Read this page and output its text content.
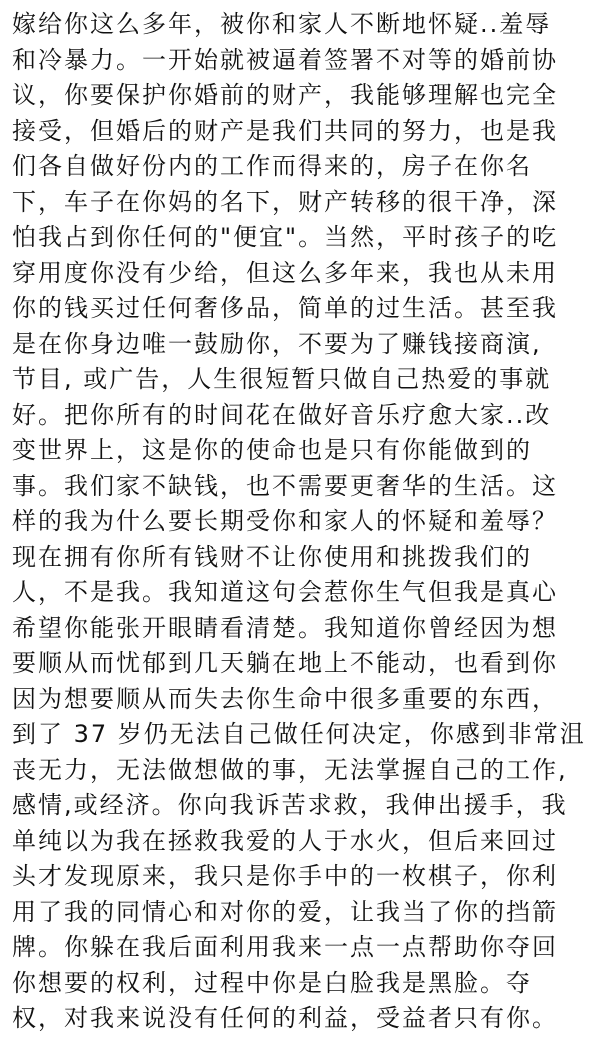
嫁给你这么多年，被你和家人不断地怀疑..羞辱
和冷暴力。一开始就被逼着签署不对等的婚前协
议，你要保护你婚前的财产，我能够理解也完全
接受，但婚后的财产是我们共同的努力，也是我
们各自做好份内的工作而得来的，房子在你名
下，车子在你妈的名下，财产转移的很干净，深
怕我占到你任何的"便宜"。当然，平时孩子的吃
穿用度你没有少给，但这么多年来，我也从未用
你的钱买过任何奢侈品，简单的过生活。甚至我
是在你身边唯一鼓励你，不要为了赚钱接商演,
节目, 或广告，人生很短暂只做自己热爱的事就
好。把你所有的时间花在做好音乐疗愈大家..改
变世界上，这是你的使命也是只有你能做到的
事。我们家不缺钱，也不需要更奢华的生活。这
样的我为什么要长期受你和家人的怀疑和羞辱？
现在拥有你所有钱财不让你使用和挑拨我们的
人，不是我。我知道这句会惹你生气但我是真心
希望你能张开眼睛看清楚。我知道你曾经因为想
要顺从而忧郁到几天躺在地上不能动，也看到你
因为想要顺从而失去你生命中很多重要的东西，
到了 37 岁仍无法自己做任何决定，你感到非常沮
丧无力，无法做想做的事，无法掌握自己的工作,
感情,或经济。你向我诉苦求救，我伸出援手，我
单纯以为我在拯救我爱的人于水火，但后来回过
头才发现原来，我只是你手中的一枚棋子，你利
用了我的同情心和对你的爱，让我当了你的挡箭
牌。你躲在我后面利用我来一点一点帮助你夺回
你想要的权利，过程中你是白脸我是黑脸。夺
权，对我来说没有任何的利益，受益者只有你。
